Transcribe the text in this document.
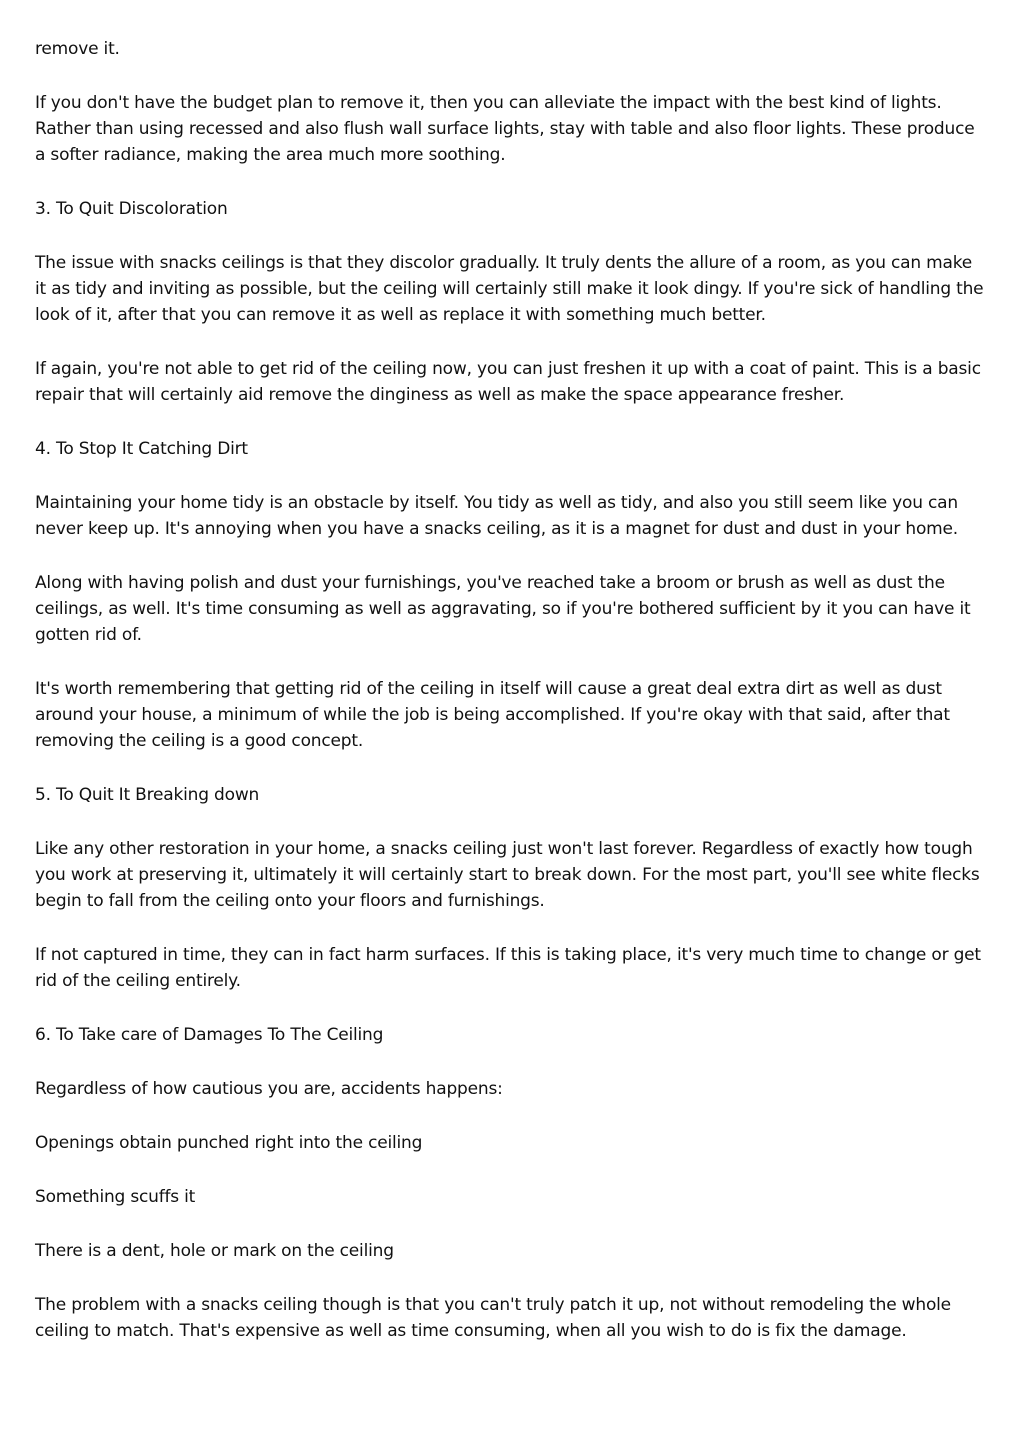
remove it.

If you don't have the budget plan to remove it, then you can alleviate the impact with the best kind of lights. Rather than using recessed and also flush wall surface lights, stay with table and also floor lights. These produce a softer radiance, making the area much more soothing.

3. To Quit Discoloration

The issue with snacks ceilings is that they discolor gradually. It truly dents the allure of a room, as you can make it as tidy and inviting as possible, but the ceiling will certainly still make it look dingy. If you're sick of handling the look of it, after that you can remove it as well as replace it with something much better.

If again, you're not able to get rid of the ceiling now, you can just freshen it up with a coat of paint. This is a basic repair that will certainly aid remove the dinginess as well as make the space appearance fresher.

4. To Stop It Catching Dirt

Maintaining your home tidy is an obstacle by itself. You tidy as well as tidy, and also you still seem like you can never keep up. It's annoying when you have a snacks ceiling, as it is a magnet for dust and dust in your home.

Along with having polish and dust your furnishings, you've reached take a broom or brush as well as dust the ceilings, as well. It's time consuming as well as aggravating, so if you're bothered sufficient by it you can have it gotten rid of.

It's worth remembering that getting rid of the ceiling in itself will cause a great deal extra dirt as well as dust around your house, a minimum of while the job is being accomplished. If you're okay with that said, after that removing the ceiling is a good concept.

5. To Quit It Breaking down

Like any other restoration in your home, a snacks ceiling just won't last forever. Regardless of exactly how tough you work at preserving it, ultimately it will certainly start to break down. For the most part, you'll see white flecks begin to fall from the ceiling onto your floors and furnishings.

If not captured in time, they can in fact harm surfaces. If this is taking place, it's very much time to change or get rid of the ceiling entirely.

6. To Take care of Damages To The Ceiling

Regardless of how cautious you are, accidents happens:

Openings obtain punched right into the ceiling

Something scuffs it

There is a dent, hole or mark on the ceiling

The problem with a snacks ceiling though is that you can't truly patch it up, not without remodeling the whole ceiling to match. That's expensive as well as time consuming, when all you wish to do is fix the damage.
